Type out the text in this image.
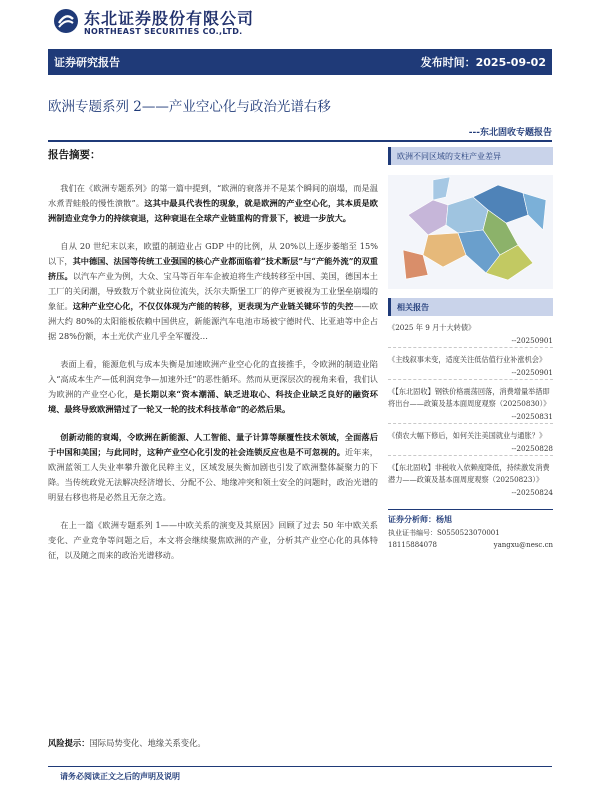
东北证券股份有限公司
NORTHEAST SECURITIES CO.,LTD.
证券研究报告	发布时间：2025-09-02
欧洲专题系列 2——产业空心化与政治光谱右移
---东北固收专题报告
报告摘要：

我们在《欧洲专题系列》的第一篇中提到，“欧洲的衰落并不是某个瞬间的崩塌，而是温水煮青蛙般的慢性溃散”。这其中最具代表性的现象，就是欧洲的产业空心化，其本质是欧洲制造业竞争力的持续衰退，这种衰退在全球产业链重构的背景下，被进一步放大。

自从 20 世纪末以来，欧盟的制造业占 GDP 中的比例，从 20%以上逐步萎缩至 15%以下，其中德国、法国等传统工业强国的核心产业都面临着“技术断层”与“产能外流”的双重挤压。以汽车产业为例，大众、宝马等百年车企被迫将生产线转移至中国、美国，德国本土工厂的关闭潮，导致数万个就业岗位流失，沃尔夫斯堡工厂的停产更被视为工业堡垒崩塌的象征。这种产业空心化，不仅仅体现为产能的转移，更表现为产业链关键环节的失控——欧洲大约 80%的太阳能板依赖中国供应，新能源汽车电池市场被宁德时代、比亚迪等中企占据 28%份额，本土光伏产业几乎全军覆没…

表面上看，能源危机与成本失衡是加速欧洲产业空心化的直接推手，令欧洲的制造业陷入“高成本生产—低利润竞争—加速外迁”的恶性循环。然而从更深层次的视角来看，我们认为欧洲的产业空心化，是长期以来“资本潮涌、缺乏进取心、科技企业缺乏良好的融资环境、最终导致欧洲错过了一轮又一轮的技术科技革命”的必然后果。

创新动能的衰竭，令欧洲在新能源、人工智能、量子计算等颠覆性技术领域，全面落后于中国和美国；与此同时，这种产业空心化引发的社会连锁反应也是不可忽视的。近年来，欧洲蓝领工人失业率攀升激化民粹主义，区域发展失衡加剧也引发了欧洲整体凝聚力的下降。当传统政党无法解决经济增长、分配不公、地缘冲突和领土安全的问题时，政治光谱的明显右移也将是必然且无奈之选。

在上一篇《欧洲专题系列 1——中欧关系的演变及其原因》回顾了过去 50 年中欧关系变化、产业竞争等问题之后，本文将会继续聚焦欧洲的产业，分析其产业空心化的具体特征，以及随之而来的政治光谱移动。

风险提示：国际局势变化、地缘关系变化。
请务必阅读正文之后的声明及说明
欧洲不同区域的支柱产业差异
相关报告
《2025 年 9 月十大转债》
--20250901
《主线叙事未变，适度关注低估值行业补涨机会》
--20250901
《【东北固收】钢铁价格震荡回落，消费增量举措即将出台——政策及基本面周度观察（20250830）》
--20250831
《债农大幅下修后，如何关注美国就业与通胀？》
--20250828
《【东北固收】非税收入依赖度降低，持续激发消费潜力——政策及基本面周度观察（20250823）》
--20250824
证券分析师：杨旭
执业证书编号：S0550523070001
18115884078	yangxu@nesc.cn
